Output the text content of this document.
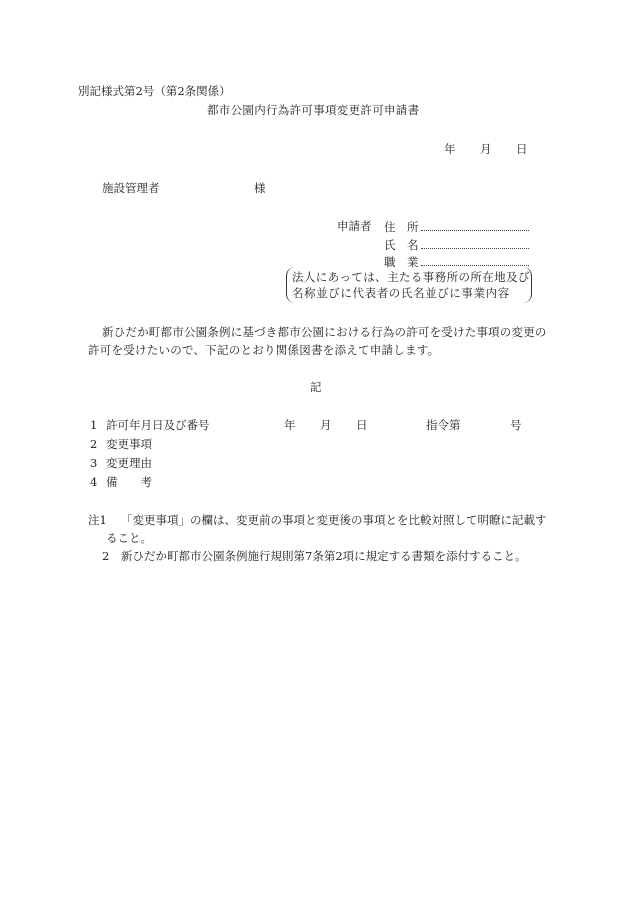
別記様式第2号（第2条関係）
都市公園内行為許可事項変更許可申請書
年 月 日
施設管理者	様
申請者 住　所
氏　名
職　業
法人にあっては、主たる事務所の所在地及び
名称並びに代表者の氏名並びに事業内容
新ひだか町都市公園条例に基づき都市公園における行為の許可を受けた事項の変更の
許可を受けたいので、下記のとおり関係図書を添えて申請します。
記
1 許可年月日及び番号	年 月 日	指令第	号
2 変更事項
3 変更理由
4 備　　考
注1 「変更事項」の欄は、変更前の事項と変更後の事項とを比較対照して明瞭に記載す
ること。
2 新ひだか町都市公園条例施行規則第7条第2項に規定する書類を添付すること。
